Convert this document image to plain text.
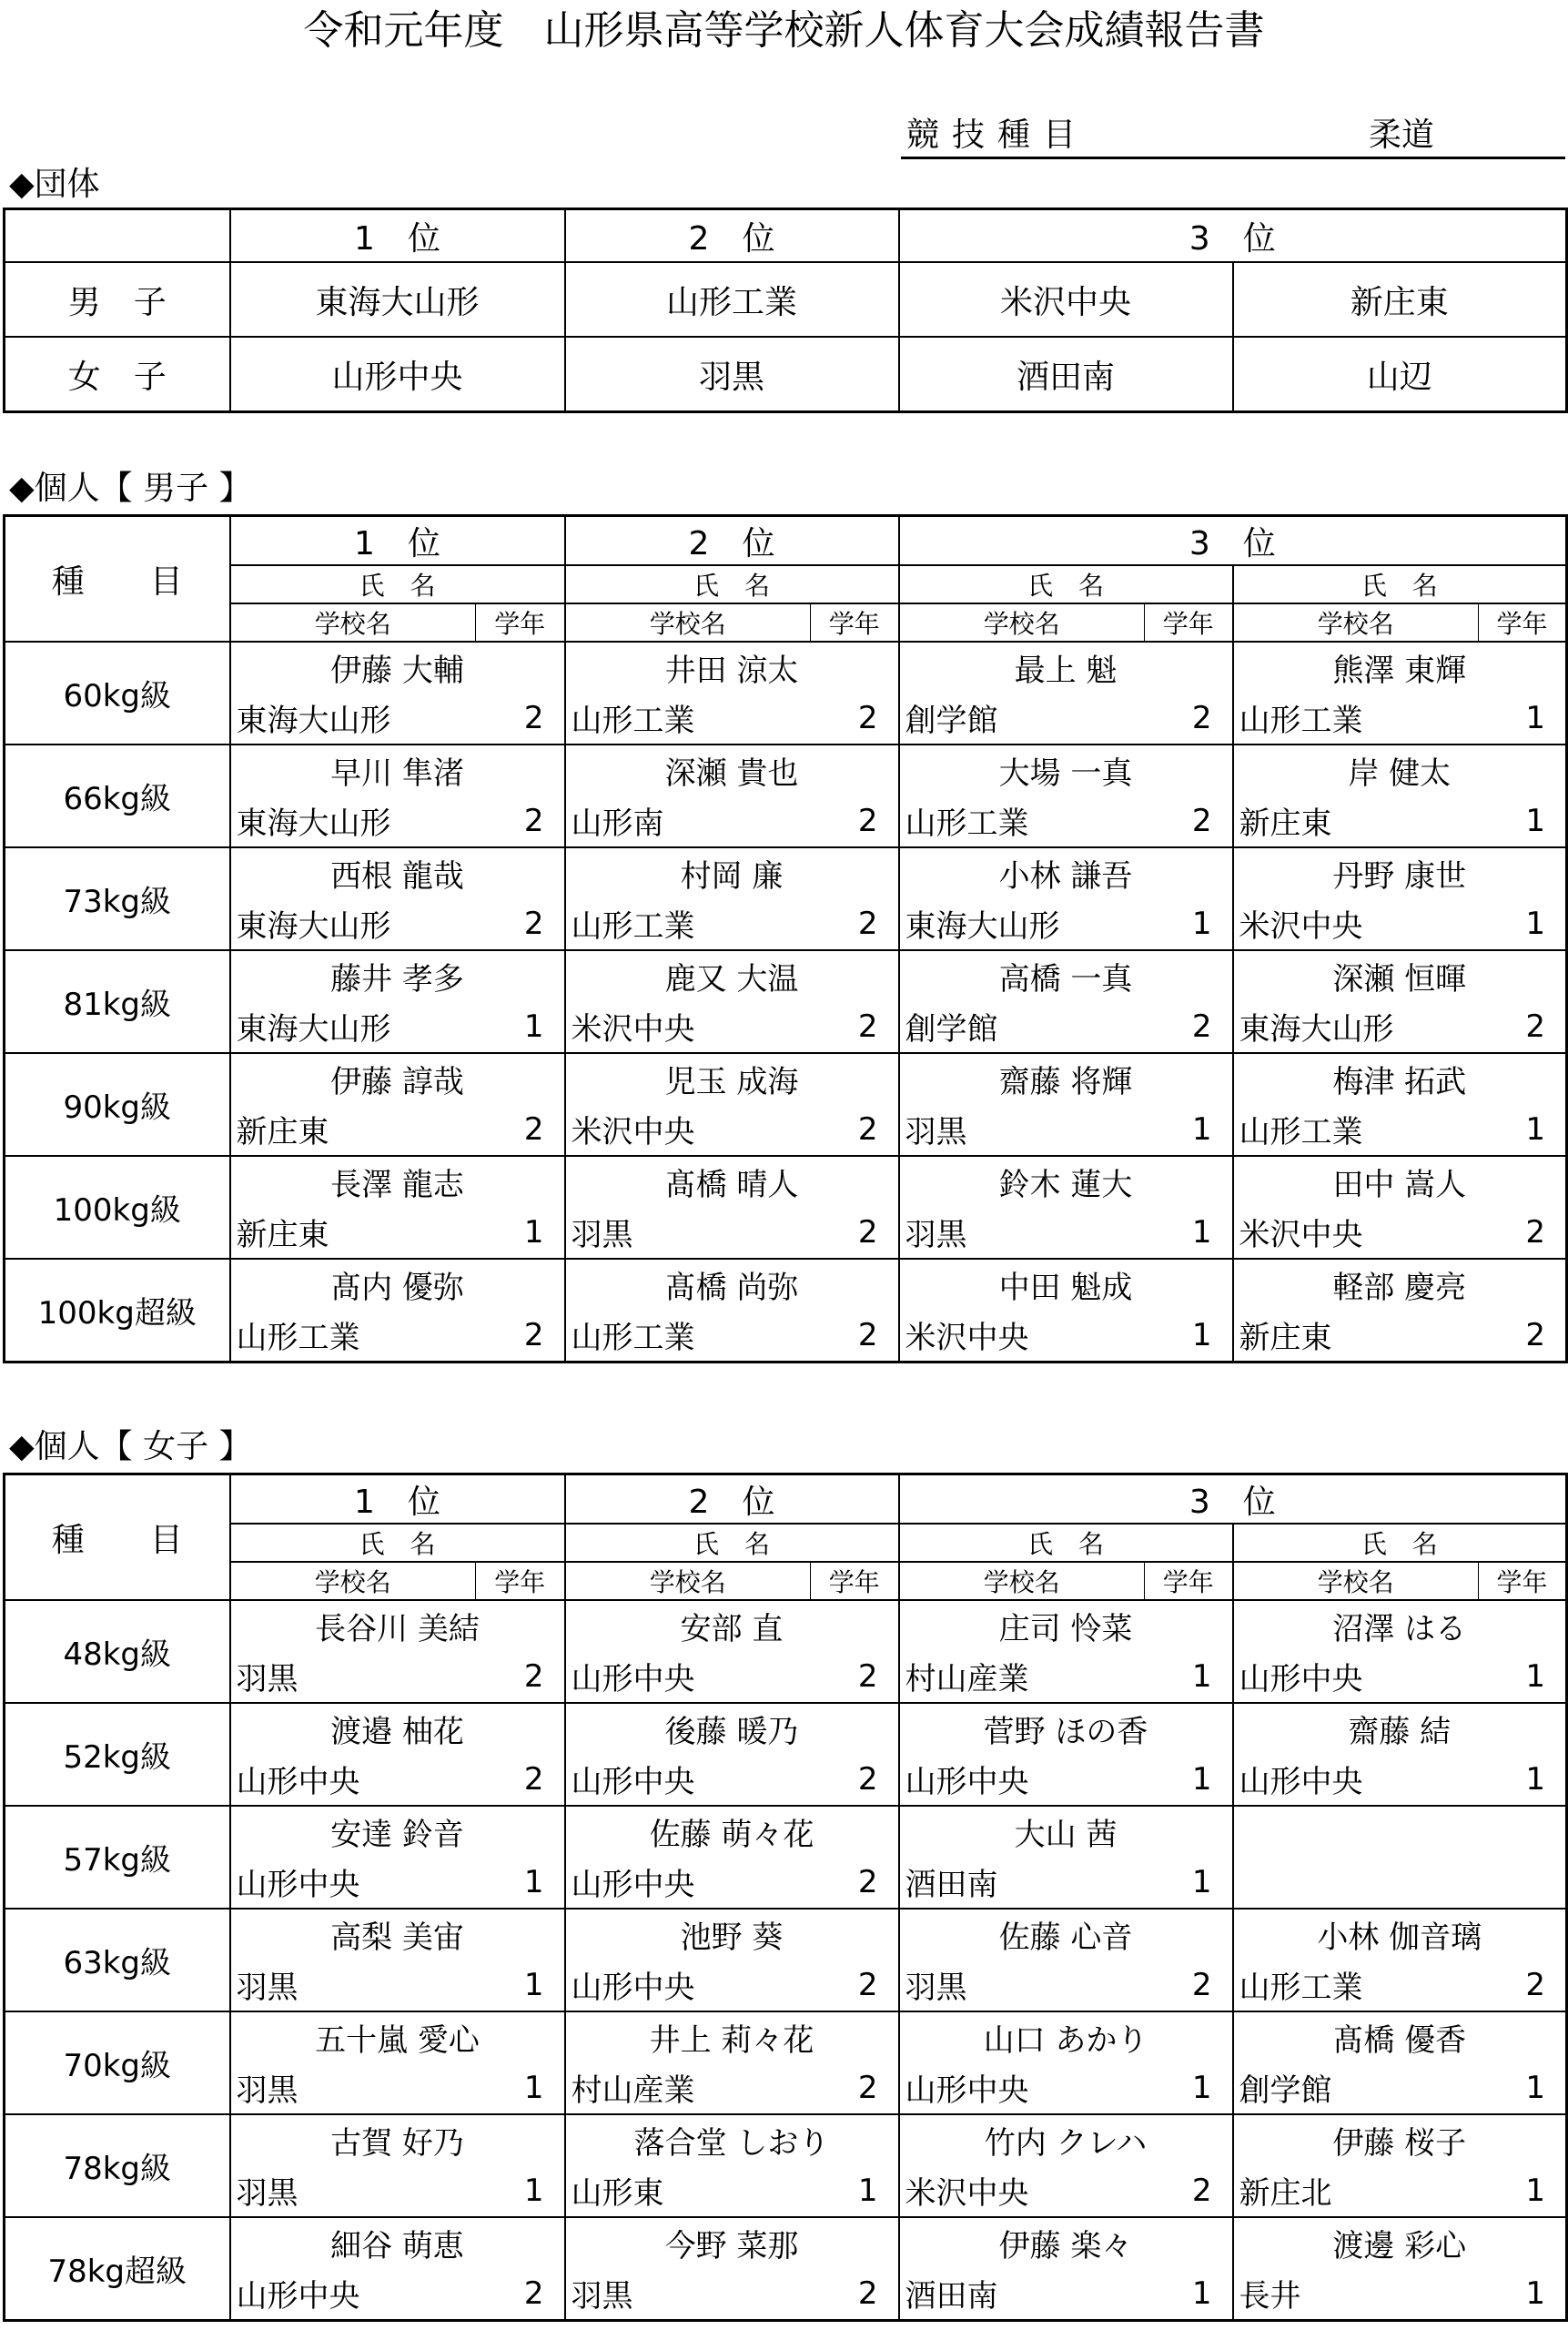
令和元年度　山形県高等学校新人体育大会成績報告書
競技種目	柔道
◆団体
	1　位	2　位	3　位	
男　子	東海大山形	山形工業	米沢中央	新庄東
女　子	山形中央	羽黒	酒田南	山辺
◆個人【 男子 】
種　　目	1　位		2　位		3　位			
	氏　名		氏　名		氏　名		氏　名	
	学校名	学年	学校名	学年	学校名	学年	学校名	学年
60kg級	伊藤 大輔		井田 涼太		最上 魁		熊澤 東輝	
	東海大山形	2	山形工業	2	創学館	2	山形工業	1
66kg級	早川 隼渚		深瀬 貴也		大場 一真		岸 健太	
	東海大山形	2	山形南	2	山形工業	2	新庄東	1
73kg級	西根 龍哉		村岡 廉		小林 謙吾		丹野 康世	
	東海大山形	2	山形工業	2	東海大山形	1	米沢中央	1
81kg級	藤井 孝多		鹿又 大温		高橋 一真		深瀬 恒暉	
	東海大山形	1	米沢中央	2	創学館	2	東海大山形	2
90kg級	伊藤 諄哉		児玉 成海		齋藤 将輝		梅津 拓武	
	新庄東	2	米沢中央	2	羽黒	1	山形工業	1
100kg級	長澤 龍志		髙橋 晴人		鈴木 蓮大		田中 嵩人	
	新庄東	1	羽黒	2	羽黒	1	米沢中央	2
100kg超級	髙内 優弥		髙橋 尚弥		中田 魁成		軽部 慶亮	
	山形工業	2	山形工業	2	米沢中央	1	新庄東	2
◆個人【 女子 】
種　　目	1　位		2　位		3　位			
	氏　名		氏　名		氏　名		氏　名	
	学校名	学年	学校名	学年	学校名	学年	学校名	学年
48kg級	長谷川 美結		安部 直		庄司 怜菜		沼澤 はる	
	羽黒	2	山形中央	2	村山産業	1	山形中央	1
52kg級	渡邉 柚花		後藤 暖乃		菅野 ほの香		齋藤 結	
	山形中央	2	山形中央	2	山形中央	1	山形中央	1
57kg級	安達 鈴音		佐藤 萌々花		大山 茜			
	山形中央	1	山形中央	2	酒田南	1		
63kg級	高梨 美宙		池野 葵		佐藤 心音		小林 伽音璃	
	羽黒	1	山形中央	2	羽黒	2	山形工業	2
70kg級	五十嵐 愛心		井上 莉々花		山口 あかり		髙橋 優香	
	羽黒	1	村山産業	2	山形中央	1	創学館	1
78kg級	古賀 好乃		落合堂 しおり		竹内 クレハ		伊藤 桜子	
	羽黒	1	山形東	1	米沢中央	2	新庄北	1
78kg超級	細谷 萌恵		今野 菜那		伊藤 楽々		渡邊 彩心	
	山形中央	2	羽黒	2	酒田南	1	長井	1
